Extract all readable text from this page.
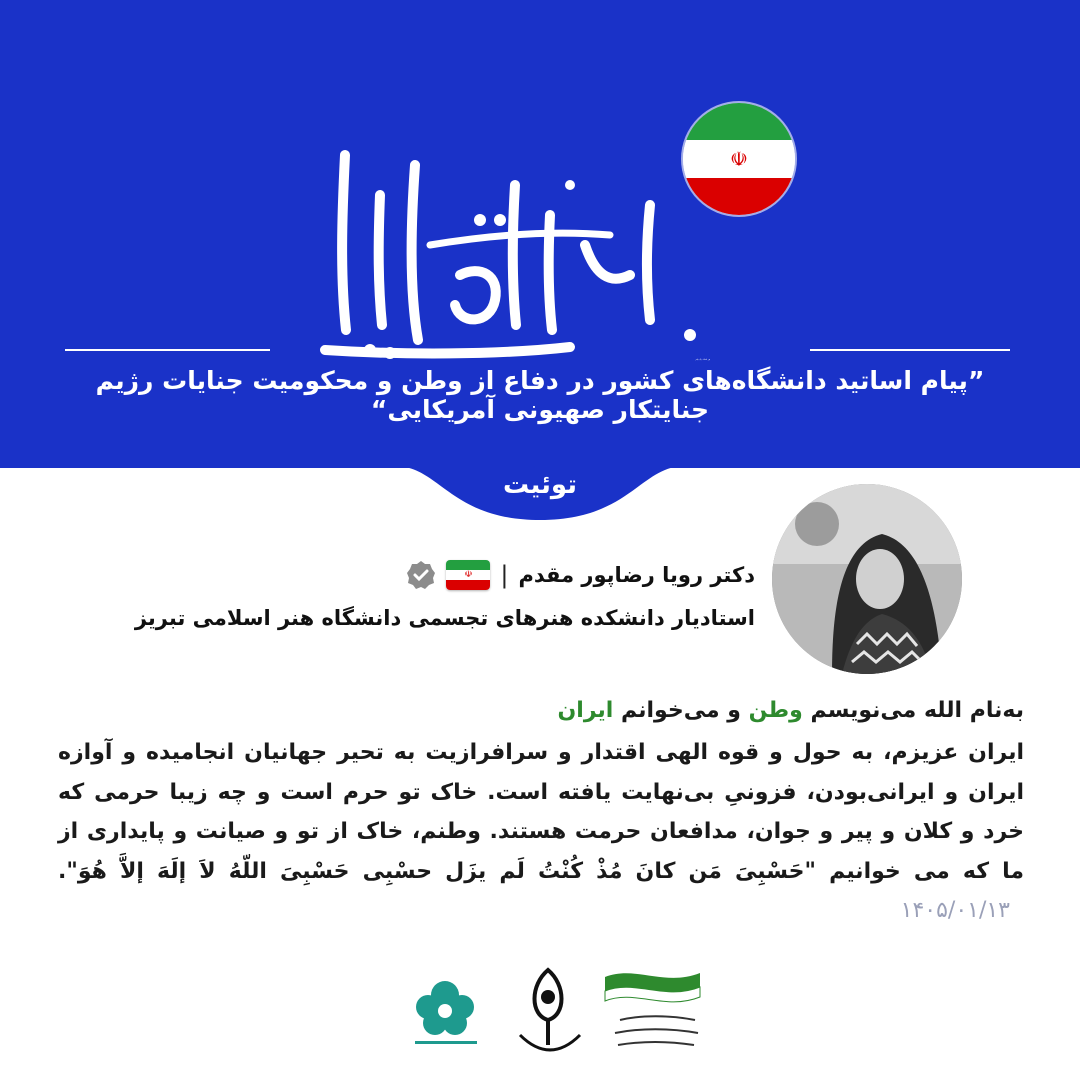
☫
هر استاد، یک پیام
”پیام اساتید دانشگاه‌های کشور در دفاع از وطن و محکومیت جنایات رژیم جنایتکار صهیونی آمریکایی“
توئیت
دکتر رویا رضاپور مقدم
|
☫
استادیار دانشکده هنرهای تجسمی دانشگاه هنر اسلامی تبریز
به‌نام الله می‌نویسم وطن و می‌خوانم ایران
ایران عزیزم، به حول و قوه الهی اقتدار و سرافرازیت به تحیر جهانیان انجامیده و آوازه ایران و ایرانی‌بودن، فزونیِ بی‌نهایت یافته است. خاک تو حرم است و چه زیبا حرمی که خرد و کلان و پیر و جوان، مدافعان حرمت هستند. وطنم، خاک از تو و صیانت و پایداری از ما که می خوانیم "حَسْبِیَ مَن کانَ مُذْ کُنْتُ لَم یزَل حسْبِی حَسْبِیَ اللّهُ لاَ إلَهَ إلاَّ هُوَ". ۱۴۰۵/۰۱/۱۳
